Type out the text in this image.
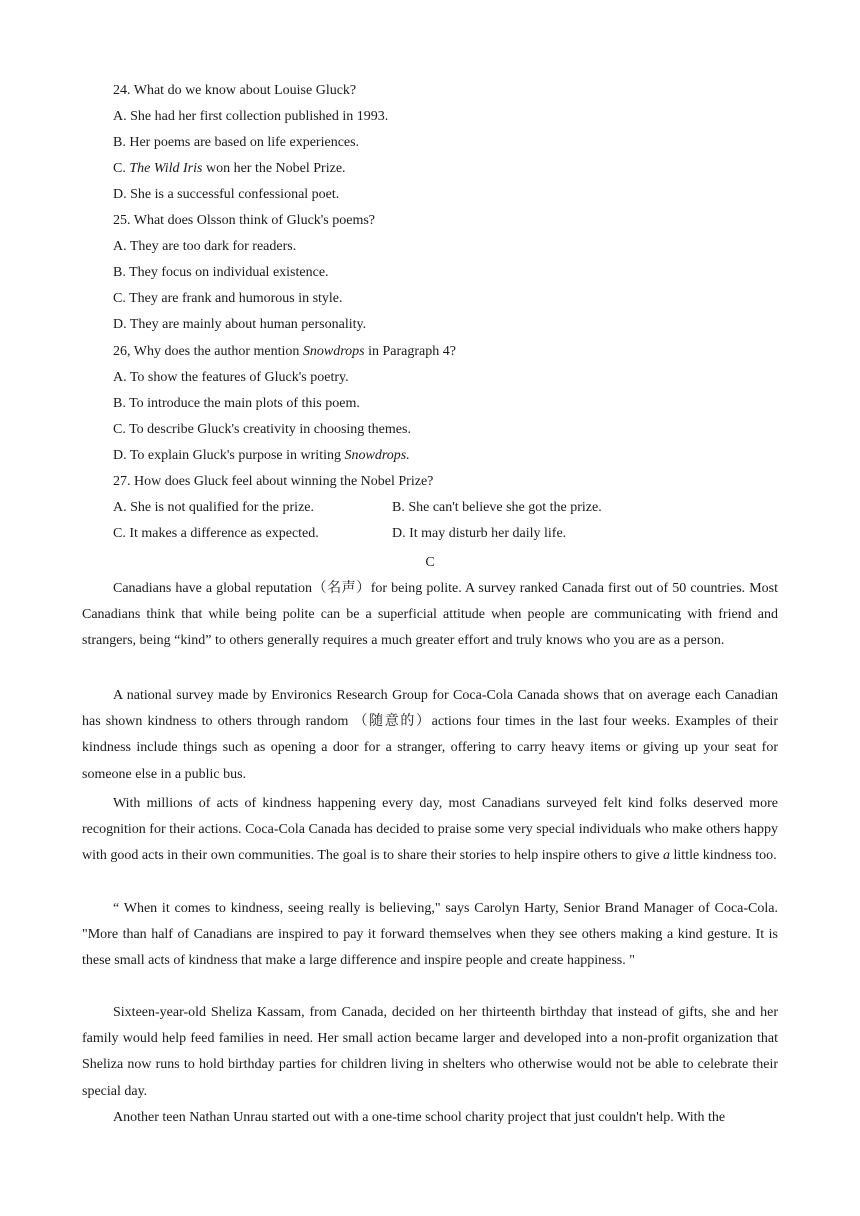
24. What do we know about Louise Gluck?
A. She had her first collection published in 1993.
B. Her poems are based on life experiences.
C. The Wild Iris won her the Nobel Prize.
D. She is a successful confessional poet.
25. What does Olsson think of Gluck's poems?
A. They are too dark for readers.
B. They focus on individual existence.
C. They are frank and humorous in style.
D. They are mainly about human personality.
26, Why does the author mention Snowdrops in Paragraph 4?
A. To show the features of Gluck's poetry.
B. To introduce the main plots of this poem.
C. To describe Gluck's creativity in choosing themes.
D. To explain Gluck's purpose in writing Snowdrops.
27. How does Gluck feel about winning the Nobel Prize?
A. She is not qualified for the prize.	B. She can't believe she got the prize.
C. It makes a difference as expected.	D. It may disturb her daily life.
C
Canadians have a global reputation（名声）for being polite. A survey ranked Canada first out of 50 countries. Most Canadians think that while being polite can be a superficial attitude when people are communicating with friend and strangers, being “kind” to others generally requires a much greater effort and truly knows who you are as a person.
A national survey made by Environics Research Group for Coca-Cola Canada shows that on average each Canadian has shown kindness to others through random （随意的）actions four times in the last four weeks. Examples of their kindness include things such as opening a door for a stranger, offering to carry heavy items or giving up your seat for someone else in a public bus.
With millions of acts of kindness happening every day, most Canadians surveyed felt kind folks deserved more recognition for their actions. Coca-Cola Canada has decided to praise some very special individuals who make others happy with good acts in their own communities. The goal is to share their stories to help inspire others to give a little kindness too.
“ When it comes to kindness, seeing really is believing," says Carolyn Harty, Senior Brand Manager of Coca-Cola. "More than half of Canadians are inspired to pay it forward themselves when they see others making a kind gesture. It is these small acts of kindness that make a large difference and inspire people and create happiness. "
Sixteen-year-old Sheliza Kassam, from Canada, decided on her thirteenth birthday that instead of gifts, she and her family would help feed families in need. Her small action became larger and developed into a non-profit organization that Sheliza now runs to hold birthday parties for children living in shelters who otherwise would not be able to celebrate their special day.
Another teen Nathan Unrau started out with a one-time school charity project that just couldn't help. With the
